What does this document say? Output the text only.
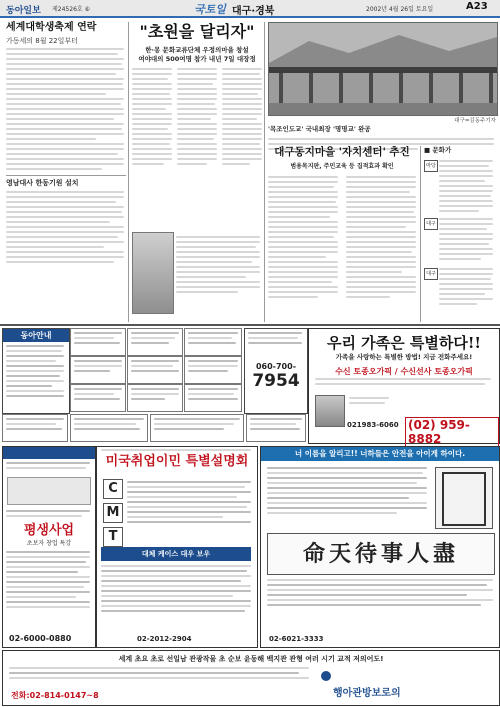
동아일보 제24526호 ⑥	국토일 대구·경북	2002년 4월 26일 토요일	A23
세계대학생축제 연락
가동세의 8월 22일부터
영남대사 한동기원 설치
"초원을 달리자"
한·몽 문화교류단체 우정의마을 창설
여야대의 500여명 참가 내년 7일 대장정
'목조인도교' 국내최장 '명명교' 완공
대구=김동주기자
대구동지마을 '자치센터' 추진
범용목지판, 주민교육 등 집적효과 확인
■ 문화가
마당
대구
대구
동아안내
060-700-
7954
우리 가족은 특별하다!!
가족을 사랑하는 특별한 방법! 지금 전화주세요!
수신 토종오가픽 / 수신선사 토종오가픽
021983-6060 (02) 959-8882
평생사업
초보자 창업 특강
02-6000-0880
미국취업이민 특별설명회
C
M
T
대체 케이스 대우 보우
02-2012-2904
너 이름을 알리고!! 너하들은 안전을 아이게 하이다.
命天待事人盡
02-6021-3333
세계 초요 초로 선일남 관광작물 초 순보 윤동해 백지관 관형 여러 시기 교적 저의어도!
전화:02-814-0147~8	행아관방보로의
